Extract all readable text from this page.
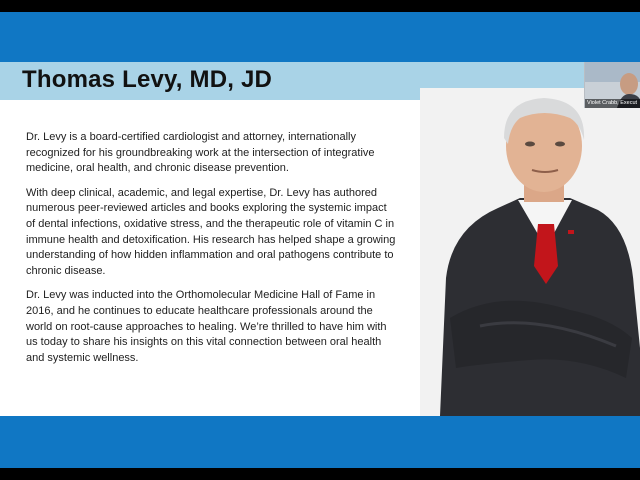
Thomas Levy, MD, JD

Dr. Levy is a board-certified cardiologist and attorney, internationally recognized for his groundbreaking work at the intersection of integrative medicine, oral health, and chronic disease prevention.

With deep clinical, academic, and legal expertise, Dr. Levy has authored numerous peer-reviewed articles and books exploring the systemic impact of dental infections, oxidative stress, and the therapeutic role of vitamin C in immune health and detoxification. His research has helped shape a growing understanding of how hidden inflammation and oral pathogens contribute to chronic disease.

Dr. Levy was inducted into the Orthomolecular Medicine Hall of Fame in 2016, and he continues to educate healthcare professionals around the world on root-cause approaches to healing. We’re thrilled to have him with us today to share his insights on this vital connection between oral health and systemic wellness.

Violet Crabb, Execut
